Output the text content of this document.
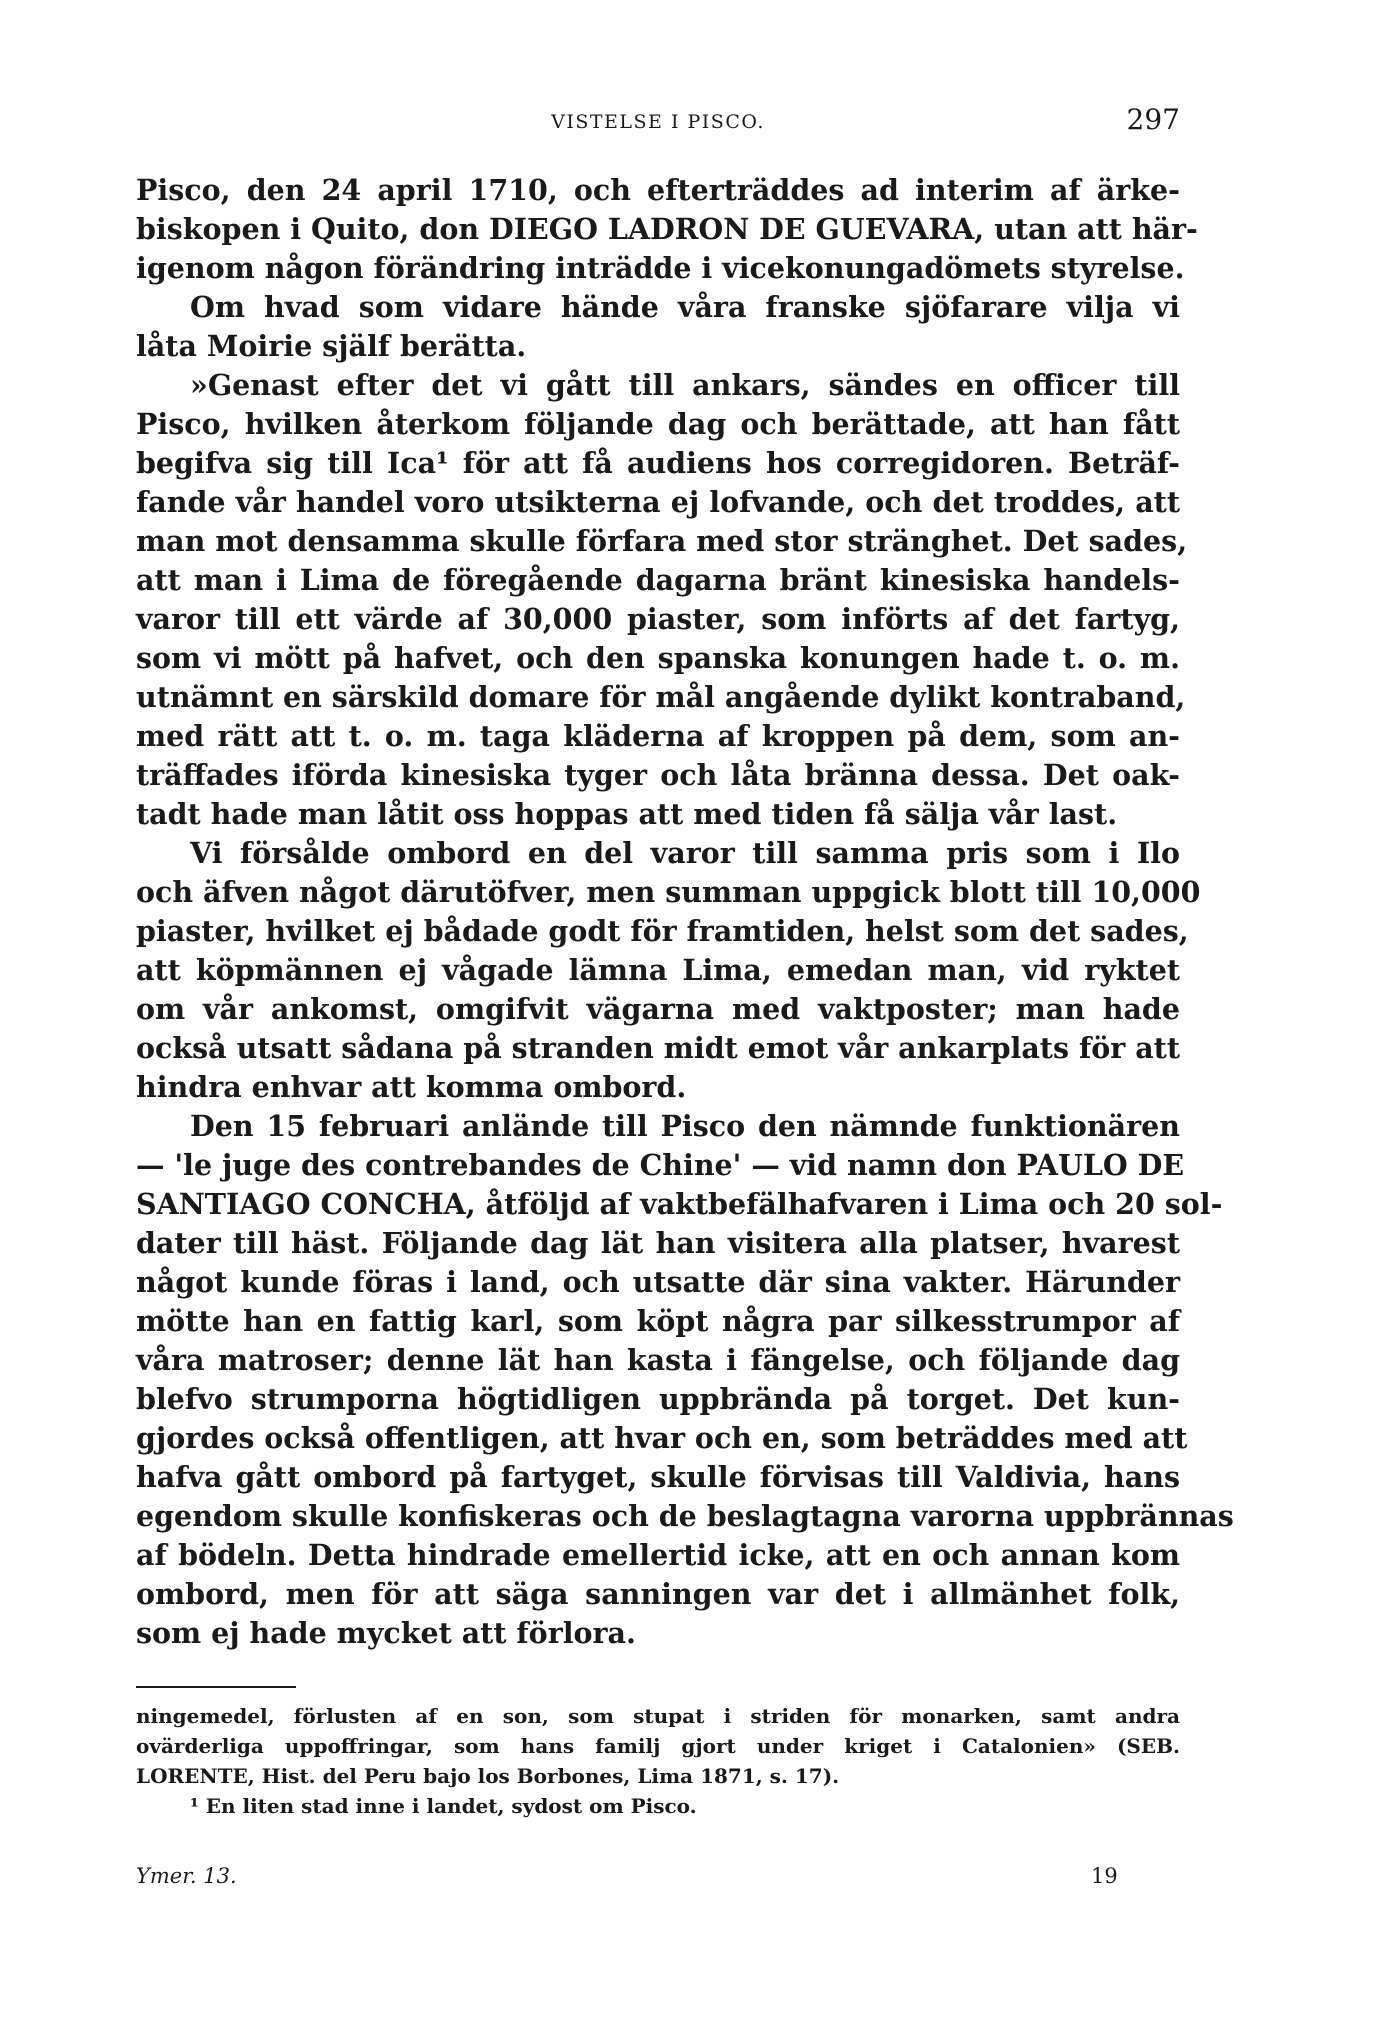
VISTELSE I PISCO.	297
Pisco, den 24 april 1710, och efterträddes ad interim af ärke-
biskopen i Quito, don DIEGO LADRON DE GUEVARA, utan att här-
igenom någon förändring inträdde i vicekonungadömets styrelse.
Om hvad som vidare hände våra franske sjöfarare vilja vi
låta Moirie själf berätta.
»Genast efter det vi gått till ankars, sändes en officer till
Pisco, hvilken återkom följande dag och berättade, att han fått
begifva sig till Ica¹ för att få audiens hos corregidoren. Beträf-
fande vår handel voro utsikterna ej lofvande, och det troddes, att
man mot densamma skulle förfara med stor stränghet. Det sades,
att man i Lima de föregående dagarna bränt kinesiska handels-
varor till ett värde af 30,000 piaster, som införts af det fartyg,
som vi mött på hafvet, och den spanska konungen hade t. o. m.
utnämnt en särskild domare för mål angående dylikt kontraband,
med rätt att t. o. m. taga kläderna af kroppen på dem, som an-
träffades iförda kinesiska tyger och låta bränna dessa. Det oak-
tadt hade man låtit oss hoppas att med tiden få sälja vår last.
Vi försålde ombord en del varor till samma pris som i Ilo
och äfven något därutöfver, men summan uppgick blott till 10,000
piaster, hvilket ej bådade godt för framtiden, helst som det sades,
att köpmännen ej vågade lämna Lima, emedan man, vid ryktet
om vår ankomst, omgifvit vägarna med vaktposter; man hade
också utsatt sådana på stranden midt emot vår ankarplats för att
hindra enhvar att komma ombord.
Den 15 februari anlände till Pisco den nämnde funktionären
— 'le juge des contrebandes de Chine' — vid namn don PAULO DE
SANTIAGO CONCHA, åtföljd af vaktbefälhafvaren i Lima och 20 sol-
dater till häst. Följande dag lät han visitera alla platser, hvarest
något kunde föras i land, och utsatte där sina vakter. Härunder
mötte han en fattig karl, som köpt några par silkesstrumpor af
våra matroser; denne lät han kasta i fängelse, och följande dag
blefvo strumporna högtidligen uppbrända på torget. Det kun-
gjordes också offentligen, att hvar och en, som beträddes med att
hafva gått ombord på fartyget, skulle förvisas till Valdivia, hans
egendom skulle konfiskeras och de beslagtagna varorna uppbrännas
af bödeln. Detta hindrade emellertid icke, att en och annan kom
ombord, men för att säga sanningen var det i allmänhet folk,
som ej hade mycket att förlora.
ningemedel, förlusten af en son, som stupat i striden för monarken, samt andra
ovärderliga uppoffringar, som hans familj gjort under kriget i Catalonien» (SEB.
LORENTE, Hist. del Peru bajo los Borbones, Lima 1871, s. 17).
¹ En liten stad inne i landet, sydost om Pisco.
Ymer. 13.	19
